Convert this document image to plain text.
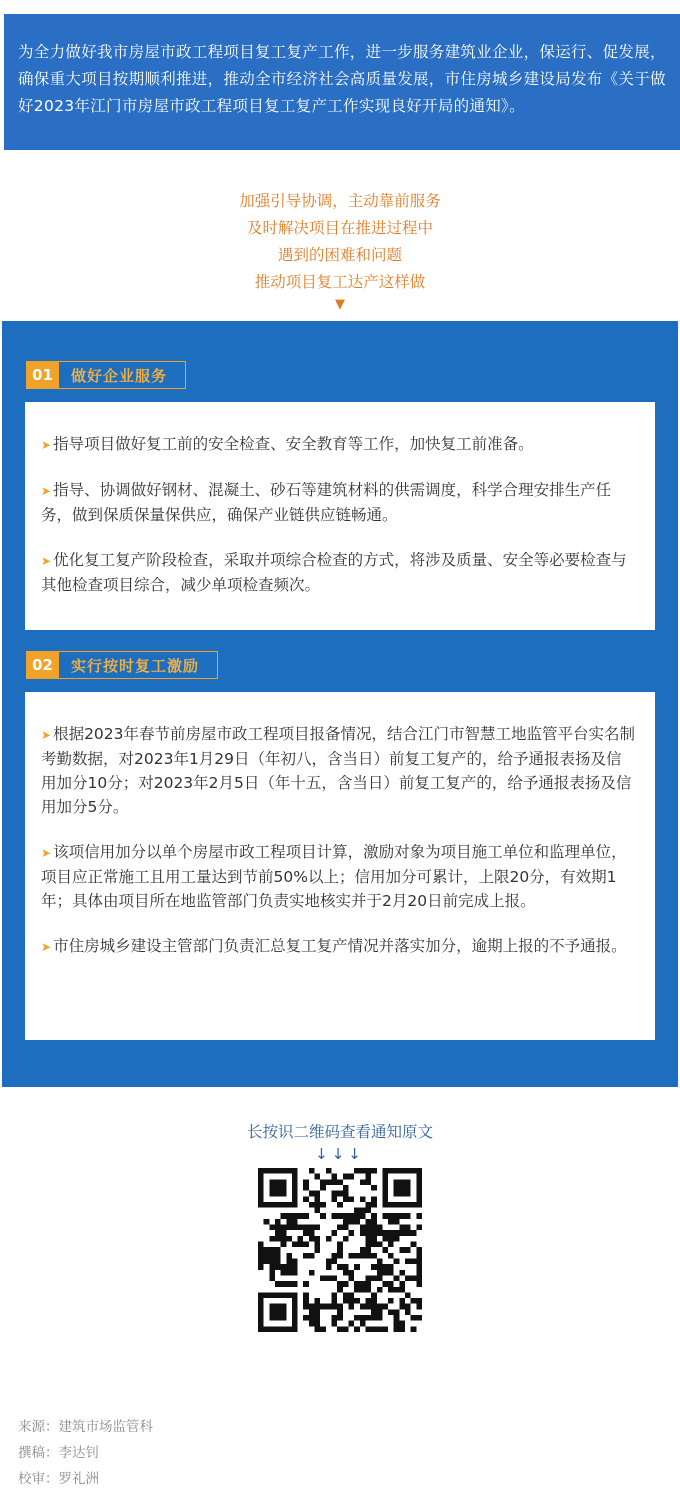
为全力做好我市房屋市政工程项目复工复产工作，进一步服务建筑业企业，保运行、促发展，确保重大项目按期顺利推进，推动全市经济社会高质量发展，市住房城乡建设局发布《关于做好2023年江门市房屋市政工程项目复工复产工作实现良好开局的通知》。

加强引导协调，主动靠前服务
及时解决项目在推进过程中
遇到的困难和问题
推动项目复工达产这样做
▼
01	做好企业服务

➤ 指导项目做好复工前的安全检查、安全教育等工作，加快复工前准备。

➤ 指导、协调做好钢材、混凝土、砂石等建筑材料的供需调度，科学合理安排生产任务，做到保质保量保供应，确保产业链供应链畅通。

➤ 优化复工复产阶段检查，采取并项综合检查的方式，将涉及质量、安全等必要检查与其他检查项目综合，减少单项检查频次。

02	实行按时复工激励

➤ 根据2023年春节前房屋市政工程项目报备情况，结合江门市智慧工地监管平台实名制考勤数据，对2023年1月29日（年初八，含当日）前复工复产的，给予通报表扬及信用加分10分；对2023年2月5日（年十五，含当日）前复工复产的，给予通报表扬及信用加分5分。

➤ 该项信用加分以单个房屋市政工程项目计算，激励对象为项目施工单位和监理单位，项目应正常施工且用工量达到节前50%以上；信用加分可累计，上限20分，有效期1年；具体由项目所在地监管部门负责实地核实并于2月20日前完成上报。

➤ 市住房城乡建设主管部门负责汇总复工复产情况并落实加分，逾期上报的不予通报。

长按识二维码查看通知原文
↓↓↓
来源：建筑市场监管科
撰稿：李达钊
校审：罗礼洲
